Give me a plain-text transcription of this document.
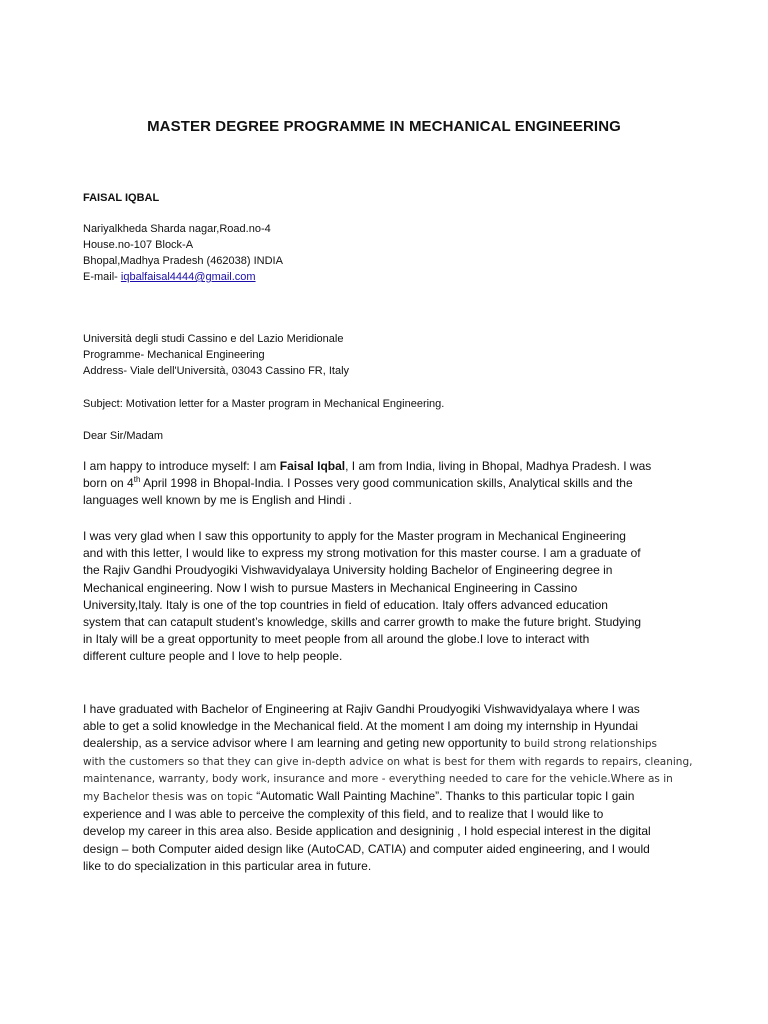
MASTER DEGREE PROGRAMME IN MECHANICAL ENGINEERING
FAISAL IQBAL
Nariyalkheda Sharda nagar,Road.no-4
House.no-107 Block-A
Bhopal,Madhya Pradesh (462038) INDIA
E-mail- iqbalfaisal4444@gmail.com
Università degli studi Cassino e del Lazio Meridionale
Programme- Mechanical Engineering
Address- Viale dell'Università, 03043 Cassino FR, Italy
Subject: Motivation letter for a Master program in Mechanical Engineering.
Dear Sir/Madam
I am happy to introduce myself: I am Faisal Iqbal, I am from India, living in Bhopal, Madhya Pradesh. I was
born on 4th April 1998 in Bhopal-India. I Posses very good communication skills, Analytical skills and the
languages well known by me is English and Hindi .
I was very glad when I saw this opportunity to apply for the Master program in Mechanical Engineering
and with this letter, I would like to express my strong motivation for this master course. I am a graduate of
the Rajiv Gandhi Proudyogiki Vishwavidyalaya University holding Bachelor of Engineering degree in
Mechanical engineering. Now I wish to pursue Masters in Mechanical Engineering in Cassino
University,Italy. Italy is one of the top countries in field of education. Italy offers advanced education
system that can catapult student’s knowledge, skills and carrer growth to make the future bright. Studying
in Italy will be a great opportunity to meet people from all around the globe.I love to interact with
different culture people and I love to help people.
I have graduated with Bachelor of Engineering at Rajiv Gandhi Proudyogiki Vishwavidyalaya where I was
able to get a solid knowledge in the Mechanical field. At the moment I am doing my internship in Hyundai
dealership, as a service advisor where I am learning and geting new opportunity to build strong relationships
with the customers so that they can give in-depth advice on what is best for them with regards to repairs, cleaning,
maintenance, warranty, body work, insurance and more - everything needed to care for the vehicle.Where as in
my Bachelor thesis was on topic “Automatic Wall Painting Machine”. Thanks to this particular topic I gain
experience and I was able to perceive the complexity of this field, and to realize that I would like to
develop my career in this area also. Beside application and designinig , I hold especial interest in the digital
design – both Computer aided design like (AutoCAD, CATIA) and computer aided engineering, and I would
like to do specialization in this particular area in future.
